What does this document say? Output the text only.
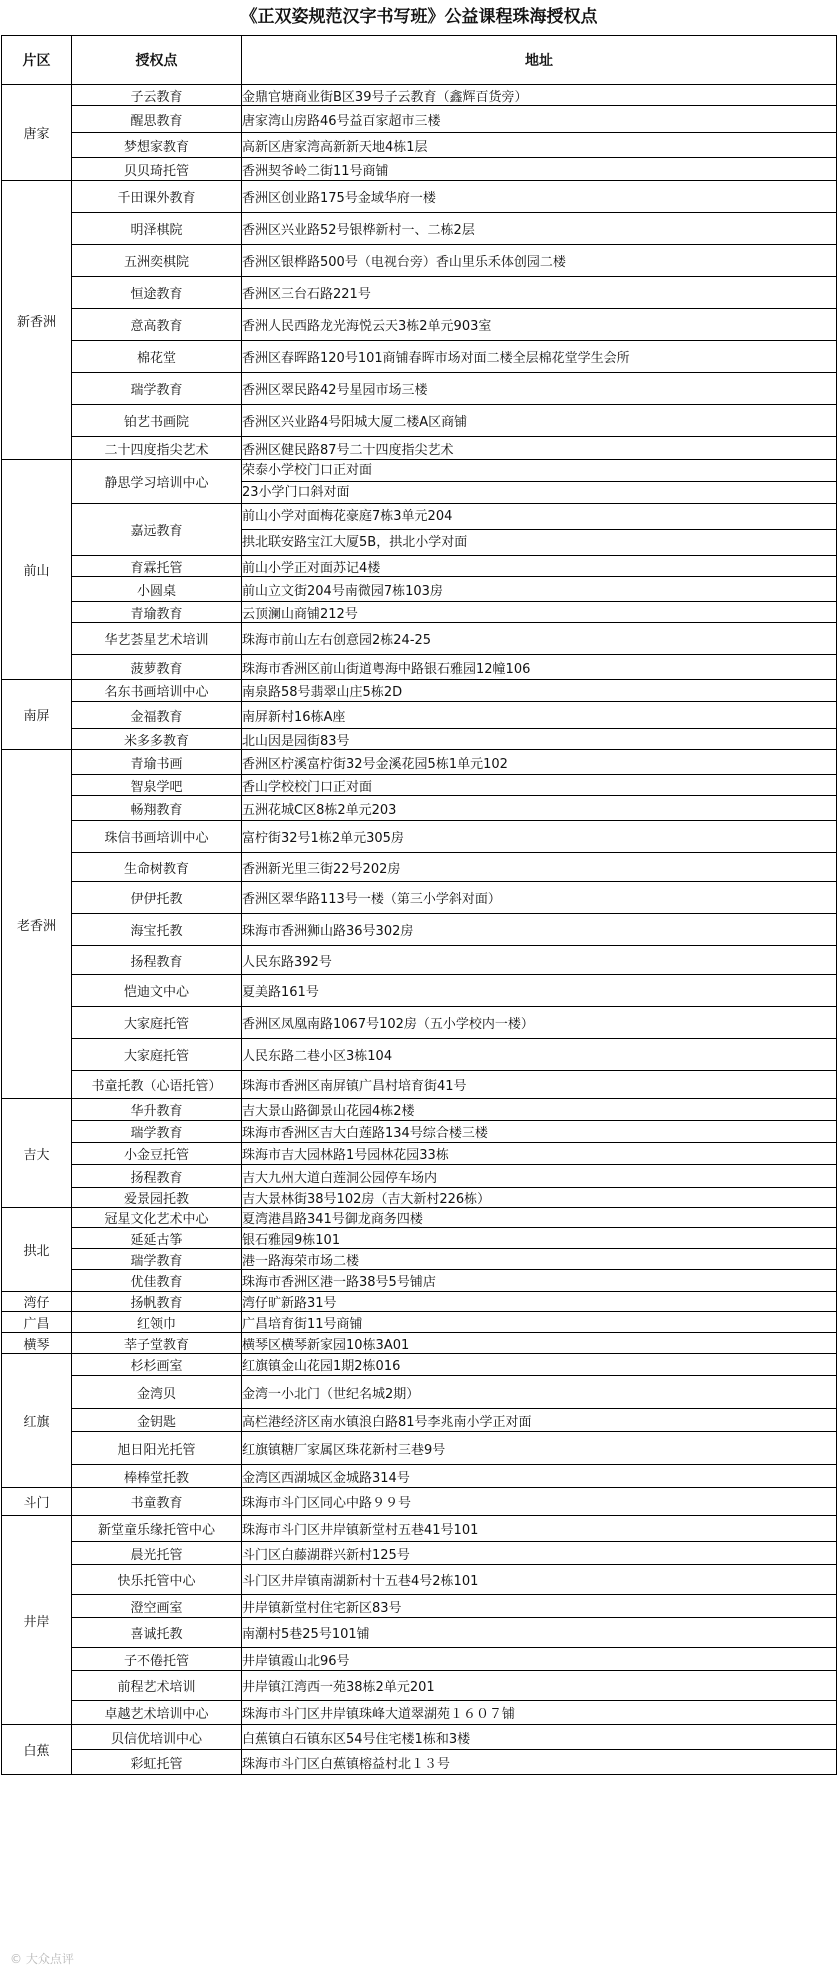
《正双姿规范汉字书写班》公益课程珠海授权点
片区	授权点	地址
唐家	子云教育	金鼎官塘商业街B区39号子云教育（鑫辉百货旁）
	醒思教育	唐家湾山房路46号益百家超市三楼
	梦想家教育	高新区唐家湾高新新天地4栋1层
	贝贝琦托管	香洲契爷岭二街11号商铺
新香洲	千田课外教育	香洲区创业路175号金域华府一楼
	明泽棋院	香洲区兴业路52号银桦新村一、二栋2层
	五洲奕棋院	香洲区银桦路500号（电视台旁）香山里乐禾体创园二楼
	恒途教育	香洲区三台石路221号
	意高教育	香洲人民西路龙光海悦云天3栋2单元903室
	棉花堂	香洲区春晖路120号101商铺春晖市场对面二楼全层棉花堂学生会所
	瑞学教育	香洲区翠民路42号星园市场三楼
	铂艺书画院	香洲区兴业路4号阳城大厦二楼A区商铺
	二十四度指尖艺术	香洲区健民路87号二十四度指尖艺术
前山	静思学习培训中心	荣泰小学校门口正对面
23小学门口斜对面

	嘉远教育	前山小学对面梅花豪庭7栋3单元204
拱北联安路宝江大厦5B，拱北小学对面

	育霖托管	前山小学正对面苏记4楼
	小圆桌	前山立文街204号南微园7栋103房
	青瑜教育	云顶澜山商铺212号
	华艺荟星艺术培训	珠海市前山左右创意园2栋24-25
	菠萝教育	珠海市香洲区前山街道粤海中路银石雅园12幢106
南屏	名东书画培训中心	南泉路58号翡翠山庄5栋2D
	金福教育	南屏新村16栋A座
	米多多教育	北山因是园街83号
老香洲	青瑜书画	香洲区柠溪富柠街32号金溪花园5栋1单元102
	智泉学吧	香山学校校门口正对面
	畅翔教育	五洲花城C区8栋2单元203
	珠信书画培训中心	富柠街32号1栋2单元305房
	生命树教育	香洲新光里三街22号202房
	伊伊托教	香洲区翠华路113号一楼（第三小学斜对面）
	海宝托教	珠海市香洲狮山路36号302房
	扬程教育	人民东路392号
	恺迪文中心	夏美路161号
	大家庭托管	香洲区凤凰南路1067号102房（五小学校内一楼）
	大家庭托管	人民东路二巷小区3栋104
	书童托教（心语托管）	珠海市香洲区南屏镇广昌村培育街41号
吉大	华升教育	吉大景山路御景山花园4栋2楼
	瑞学教育	珠海市香洲区吉大白莲路134号综合楼三楼
	小金豆托管	珠海市吉大园林路1号园林花园33栋
	扬程教育	吉大九州大道白莲洞公园停车场内
	爱景园托教	吉大景林街38号102房（吉大新村226栋）
拱北	冠星文化艺术中心	夏湾港昌路341号御龙商务四楼
	延延古筝	银石雅园9栋101
	瑞学教育	港一路海荣市场二楼
	优佳教育	珠海市香洲区港一路38号5号铺店
湾仔	扬帆教育	湾仔旷新路31号
广昌	红领巾	广昌培育街11号商铺
横琴	莘子堂教育	横琴区横琴新家园10栋3A01
红旗	杉杉画室	红旗镇金山花园1期2栋016
	金湾贝	金湾一小北门（世纪名城2期）
	金钥匙	高栏港经济区南水镇浪白路81号李兆南小学正对面
	旭日阳光托管	红旗镇糖厂家属区珠花新村三巷9号
	棒棒堂托教	金湾区西湖城区金城路314号
斗门	书童教育	珠海市斗门区同心中路９９号
井岸	新堂童乐缘托管中心	珠海市斗门区井岸镇新堂村五巷41号101
	晨光托管	斗门区白藤湖群兴新村125号
	快乐托管中心	斗门区井岸镇南湖新村十五巷4号2栋101
	澄空画室	井岸镇新堂村住宅新区83号
	喜诚托教	南潮村5巷25号101铺
	子不倦托管	井岸镇霞山北96号
	前程艺术培训	井岸镇江湾西一苑38栋2单元201
	卓越艺术培训中心	珠海市斗门区井岸镇珠峰大道翠湖苑１６０７铺
白蕉	贝信优培训中心	白蕉镇白石镇东区54号住宅楼1栋和3楼
	彩虹托管	珠海市斗门区白蕉镇榕益村北１３号
© 大众点评
